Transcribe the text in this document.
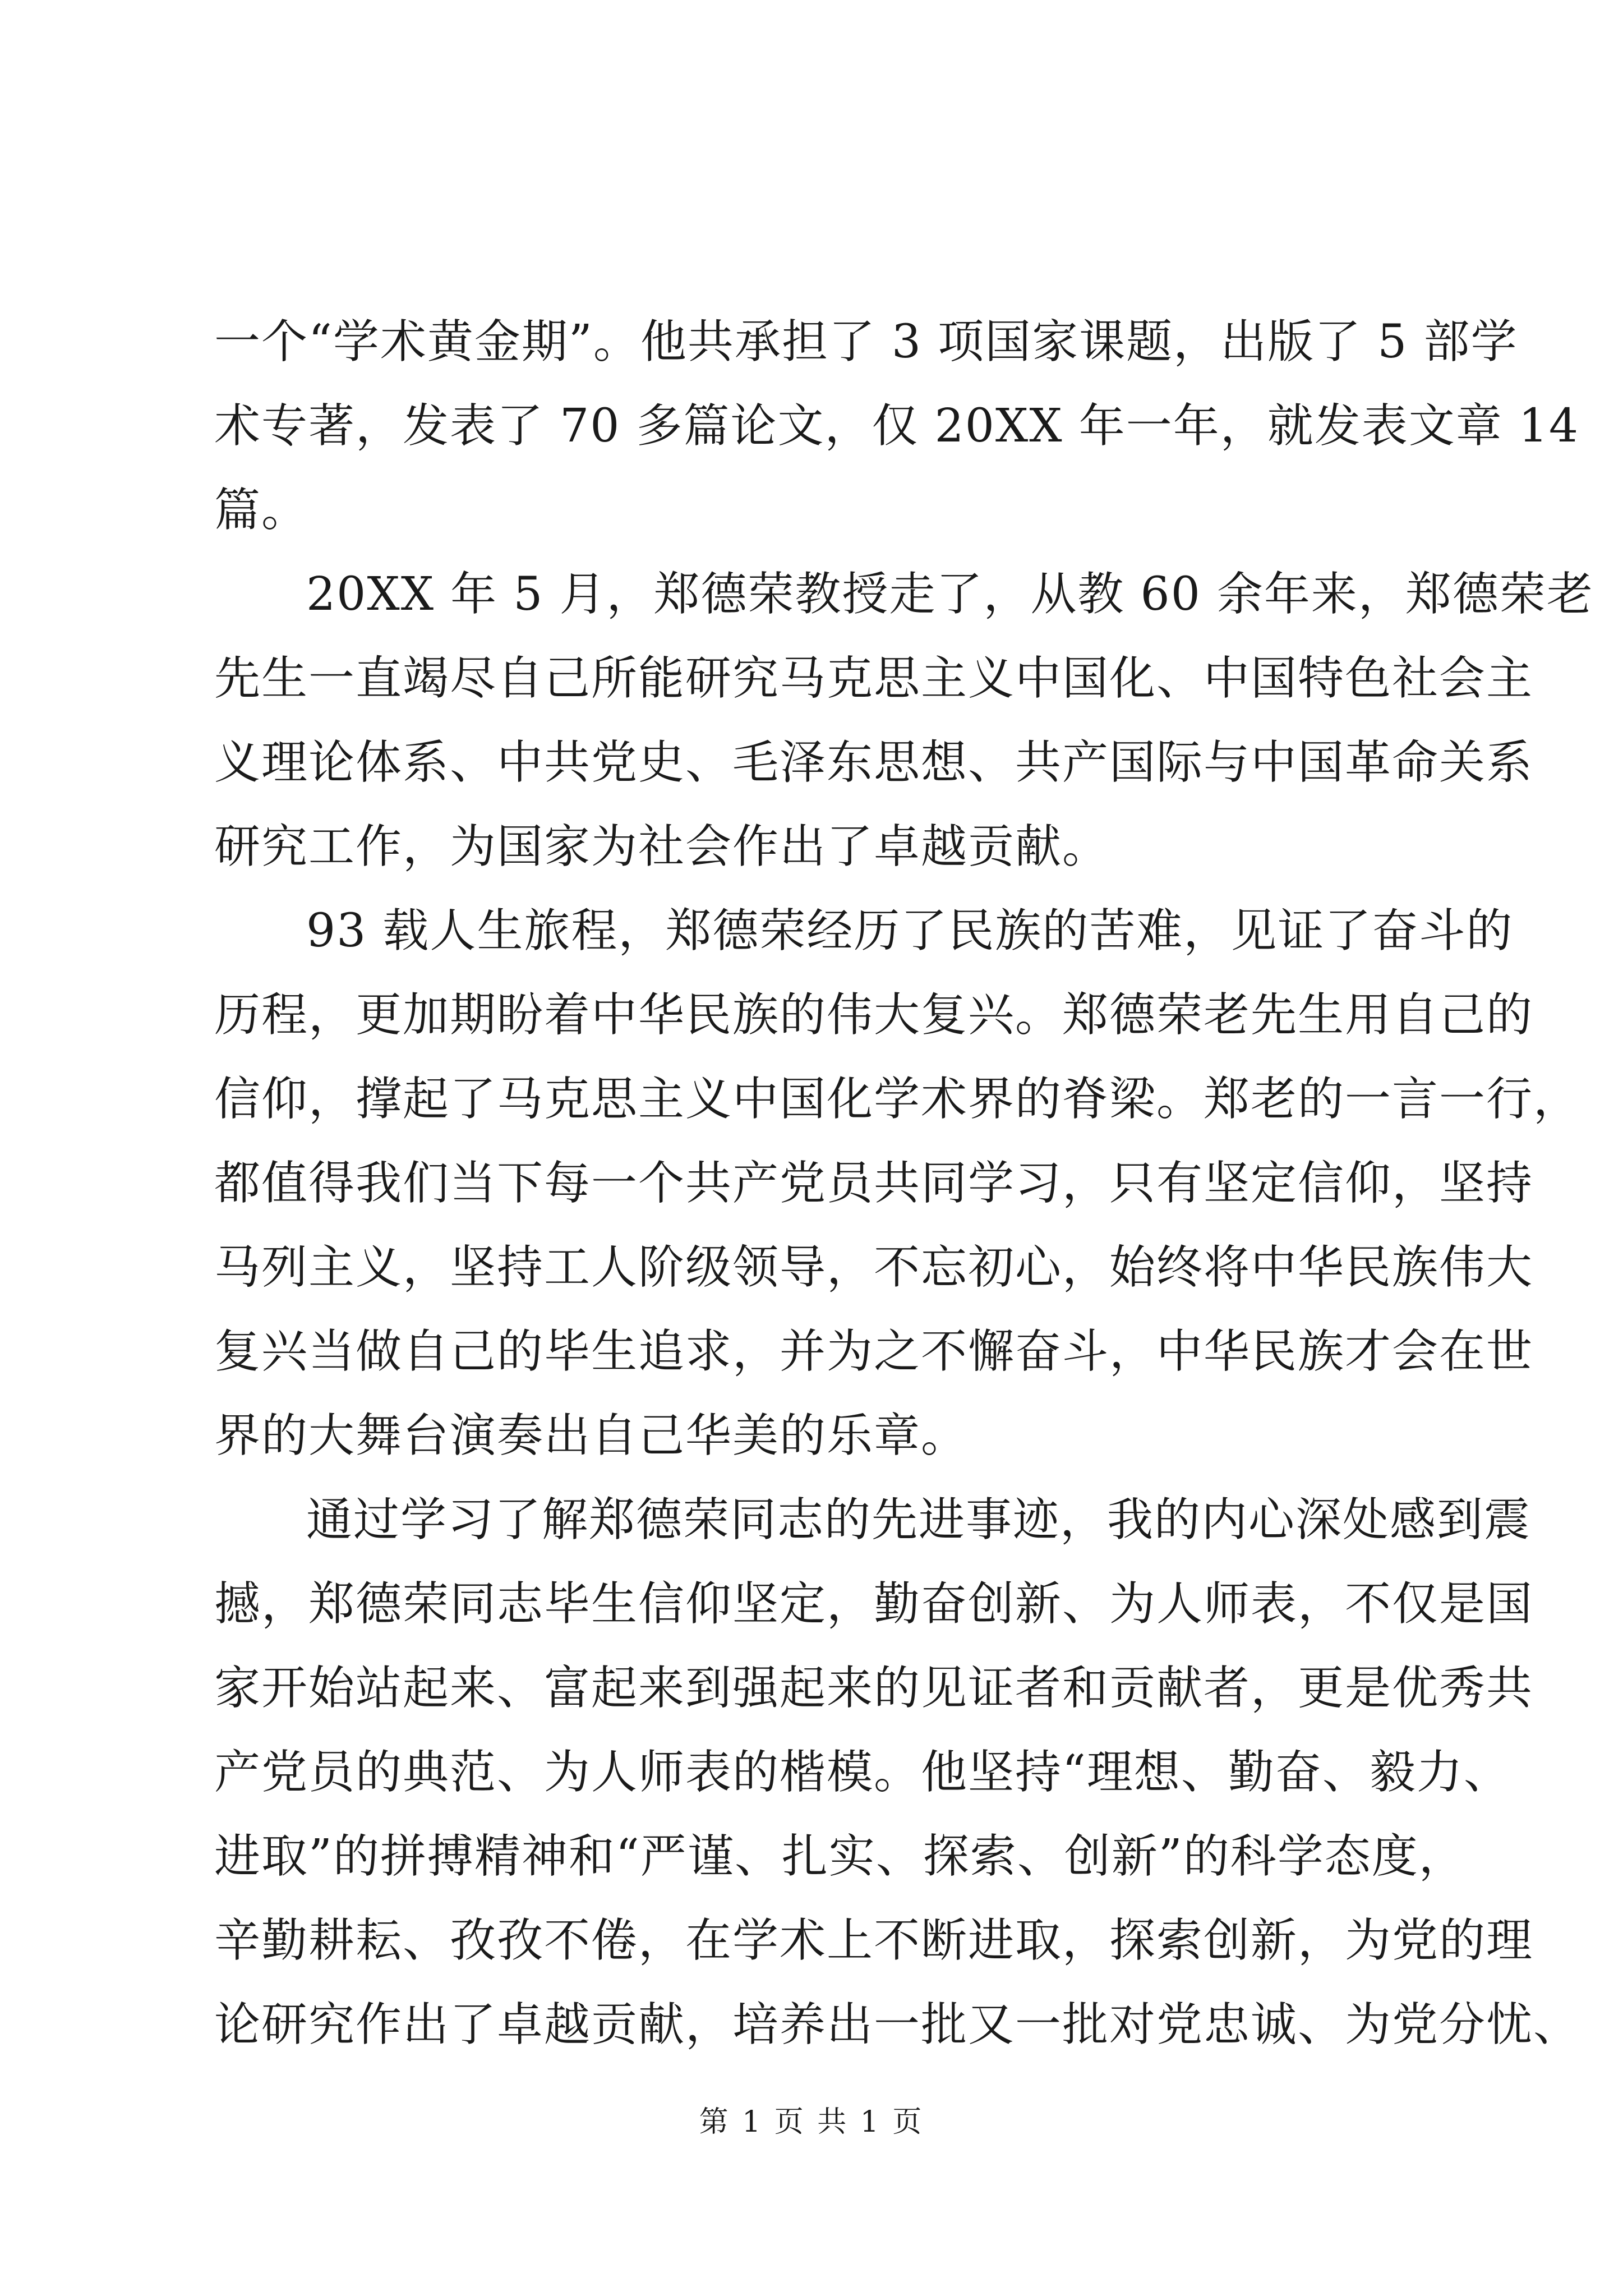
一个“学术黄金期”。他共承担了 3 项国家课题，出版了 5 部学
术专著，发表了 70 多篇论文，仅 20XX 年一年，就发表文章 14
篇。
20XX 年 5 月，郑德荣教授走了，从教 60 余年来，郑德荣老
先生一直竭尽自己所能研究马克思主义中国化、中国特色社会主
义理论体系、中共党史、毛泽东思想、共产国际与中国革命关系
研究工作，为国家为社会作出了卓越贡献。
93 载人生旅程，郑德荣经历了民族的苦难，见证了奋斗的
历程，更加期盼着中华民族的伟大复兴。郑德荣老先生用自己的
信仰，撑起了马克思主义中国化学术界的脊梁。郑老的一言一行，
都值得我们当下每一个共产党员共同学习，只有坚定信仰，坚持
马列主义，坚持工人阶级领导，不忘初心，始终将中华民族伟大
复兴当做自己的毕生追求，并为之不懈奋斗，中华民族才会在世
界的大舞台演奏出自己华美的乐章。
通过学习了解郑德荣同志的先进事迹，我的内心深处感到震
撼，郑德荣同志毕生信仰坚定，勤奋创新、为人师表，不仅是国
家开始站起来、富起来到强起来的见证者和贡献者，更是优秀共
产党员的典范、为人师表的楷模。他坚持“理想、勤奋、毅力、
进取”的拼搏精神和“严谨、扎实、探索、创新”的科学态度，
辛勤耕耘、孜孜不倦，在学术上不断进取，探索创新，为党的理
论研究作出了卓越贡献，培养出一批又一批对党忠诚、为党分忧、
第 1 页 共 1 页
